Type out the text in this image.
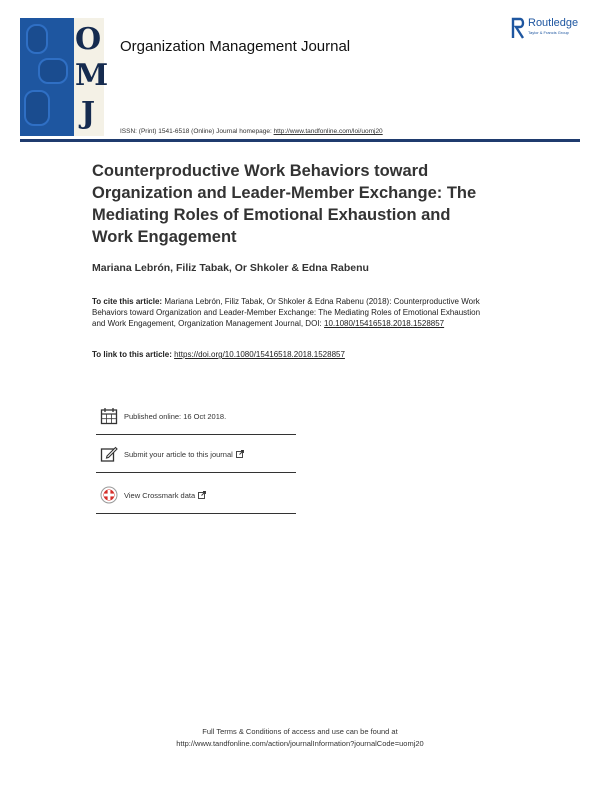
O
M
J
Organization Management Journal
Routledge
Taylor & Francis Group
ISSN: (Print) 1541-6518 (Online) Journal homepage: http://www.tandfonline.com/loi/uomj20
Counterproductive Work Behaviors toward Organization and Leader-Member Exchange: The Mediating Roles of Emotional Exhaustion and Work Engagement
Mariana Lebrón, Filiz Tabak, Or Shkoler & Edna Rabenu
To cite this article: Mariana Lebrón, Filiz Tabak, Or Shkoler & Edna Rabenu (2018): Counterproductive Work Behaviors toward Organization and Leader-Member Exchange: The Mediating Roles of Emotional Exhaustion and Work Engagement, Organization Management Journal, DOI: 10.1080/15416518.2018.1528857
To link to this article: https://doi.org/10.1080/15416518.2018.1528857
Published online: 16 Oct 2018.
Submit your article to this journal
View Crossmark data
Full Terms & Conditions of access and use can be found at
http://www.tandfonline.com/action/journalInformation?journalCode=uomj20
